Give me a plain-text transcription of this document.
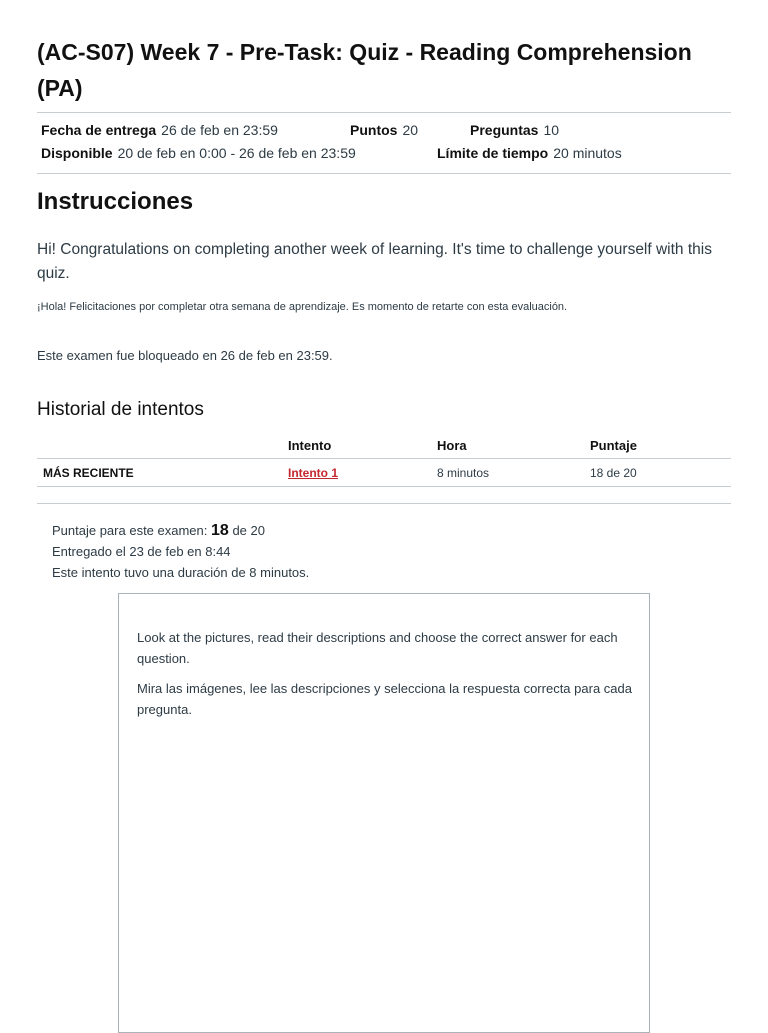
(AC-S07) Week 7 - Pre-Task: Quiz - Reading Comprehension (PA)
Fecha de entrega 26 de feb en 23:59	Puntos 20	Preguntas 10
Disponible 20 de feb en 0:00 - 26 de feb en 23:59	Límite de tiempo 20 minutos
Instrucciones

Hi! Congratulations on completing another week of learning. It's time to challenge yourself with this quiz.

¡Hola! Felicitaciones por completar otra semana de aprendizaje. Es momento de retarte con esta evaluación.

Este examen fue bloqueado en 26 de feb en 23:59.

Historial de intentos
	Intento	Hora	Puntaje
MÁS RECIENTE	Intento 1	8 minutos	18 de 20
Puntaje para este examen: 18 de 20
Entregado el 23 de feb en 8:44
Este intento tuvo una duración de 8 minutos.

Look at the pictures, read their descriptions and choose the correct answer for each question.

Mira las imágenes, lee las descripciones y selecciona la respuesta correcta para cada pregunta.
